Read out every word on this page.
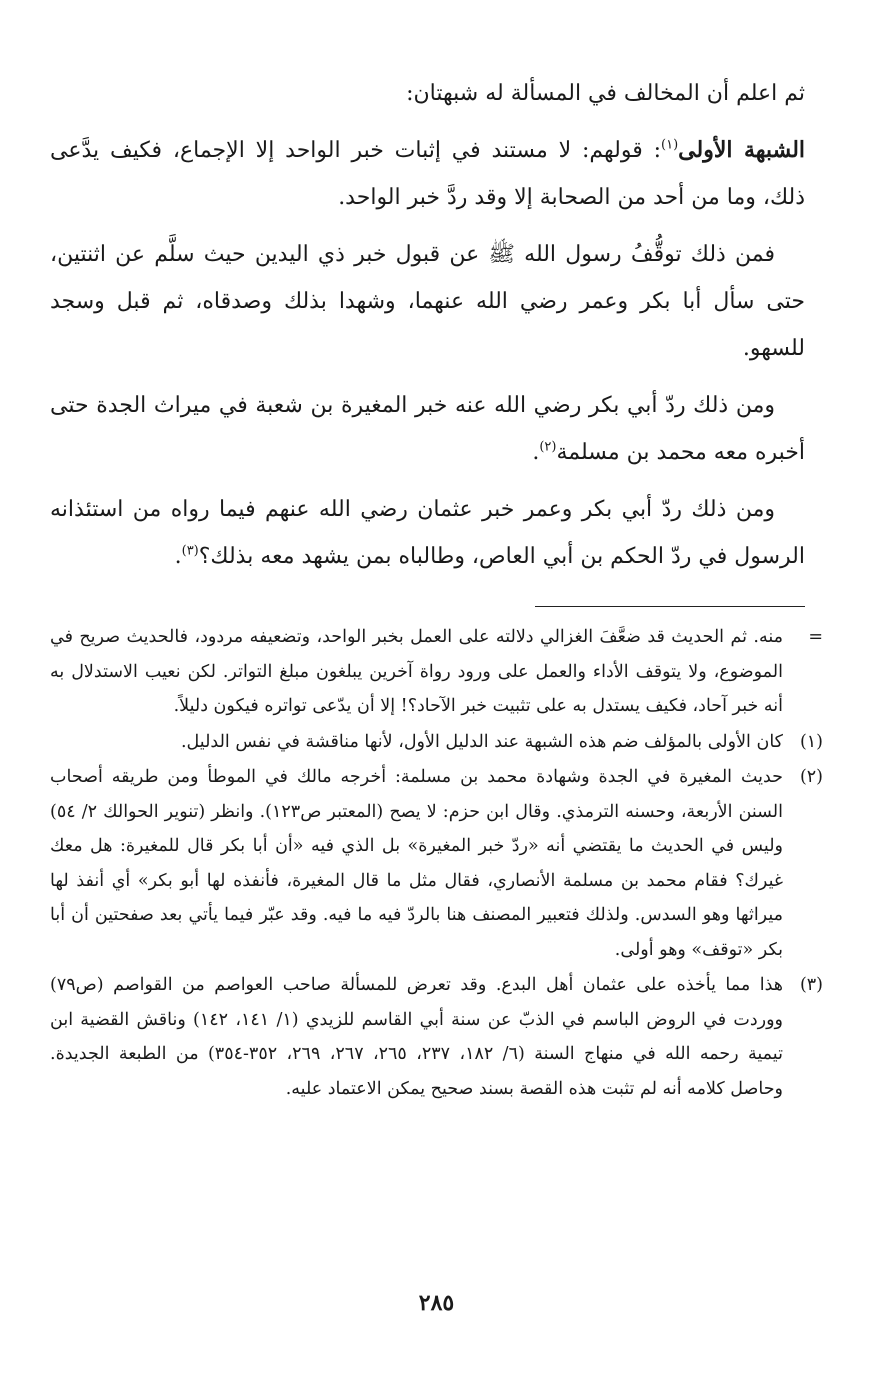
ثم اعلم أن المخالف في المسألة له شبهتان:

الشبهة الأولى$^{(١)}$: قولهم: لا مستند في إثبات خبر الواحد إلا الإجماع، فكيف يدَّعى ذلك، وما من أحد من الصحابة إلا وقد ردَّ خبر الواحد.

فمن ذلك توقُّفُ رسول الله ﷺ عن قبول خبر ذي اليدين حيث سلَّم عن اثنتين، حتى سأل أبا بكر وعمر رضي الله عنهما، وشهدا بذلك وصدقاه، ثم قبل وسجد للسهو.

ومن ذلك ردّ أبي بكر رضي الله عنه خبر المغيرة بن شعبة في ميراث الجدة حتى أخبره معه محمد بن مسلمة$^{(٢)}$.

ومن ذلك ردّ أبي بكر وعمر خبر عثمان رضي الله عنهم فيما رواه من استئذانه الرسول في ردّ الحكم بن أبي العاص، وطالباه بمن يشهد معه بذلك؟$^{(٣)}$.

=
منه. ثم الحديث قد ضعَّفَ الغزالي دلالته على العمل بخبر الواحد، وتضعيفه مردود، فالحديث صريح في الموضوع، ولا يتوقف الأداء والعمل على ورود رواة آخرين يبلغون مبلغ التواتر. لكن نعيب الاستدلال به أنه خبر آحاد، فكيف يستدل به على تثبيت خبر الآحاد؟! إلا أن يدّعى تواتره فيكون دليلاً.
(١)
كان الأولى بالمؤلف ضم هذه الشبهة عند الدليل الأول، لأنها مناقشة في نفس الدليل.
(٢)
حديث المغيرة في الجدة وشهادة محمد بن مسلمة: أخرجه مالك في الموطأ ومن طريقه أصحاب السنن الأربعة، وحسنه الترمذي. وقال ابن حزم: لا يصح (المعتبر ص١٢٣). وانظر (تنوير الحوالك ٢/ ٥٤) وليس في الحديث ما يقتضي أنه «ردّ خبر المغيرة» بل الذي فيه «أن أبا بكر قال للمغيرة: هل معك غيرك؟ فقام محمد بن مسلمة الأنصاري، فقال مثل ما قال المغيرة، فأنفذه لها أبو بكر» أي أنفذ لها ميراثها وهو السدس. ولذلك فتعبير المصنف هنا بالردّ فيه ما فيه. وقد عبّر فيما يأتي بعد صفحتين أن أبا بكر «توقف» وهو أولى.
(٣)
هذا مما يأخذه على عثمان أهل البدع. وقد تعرض للمسألة صاحب العواصم من القواصم (ص٧٩) ووردت في الروض الباسم في الذبّ عن سنة أبي القاسم للزيدي (١/ ١٤١، ١٤٢) وناقش القضية ابن تيمية رحمه الله في منهاج السنة (٦/ ١٨٢، ٢٣٧، ٢٦٥، ٢٦٧، ٢٦٩، ٣٥٢-٣٥٤) من الطبعة الجديدة. وحاصل كلامه أنه لم تثبت هذه القصة بسند صحيح يمكن الاعتماد عليه.
٢٨٥
